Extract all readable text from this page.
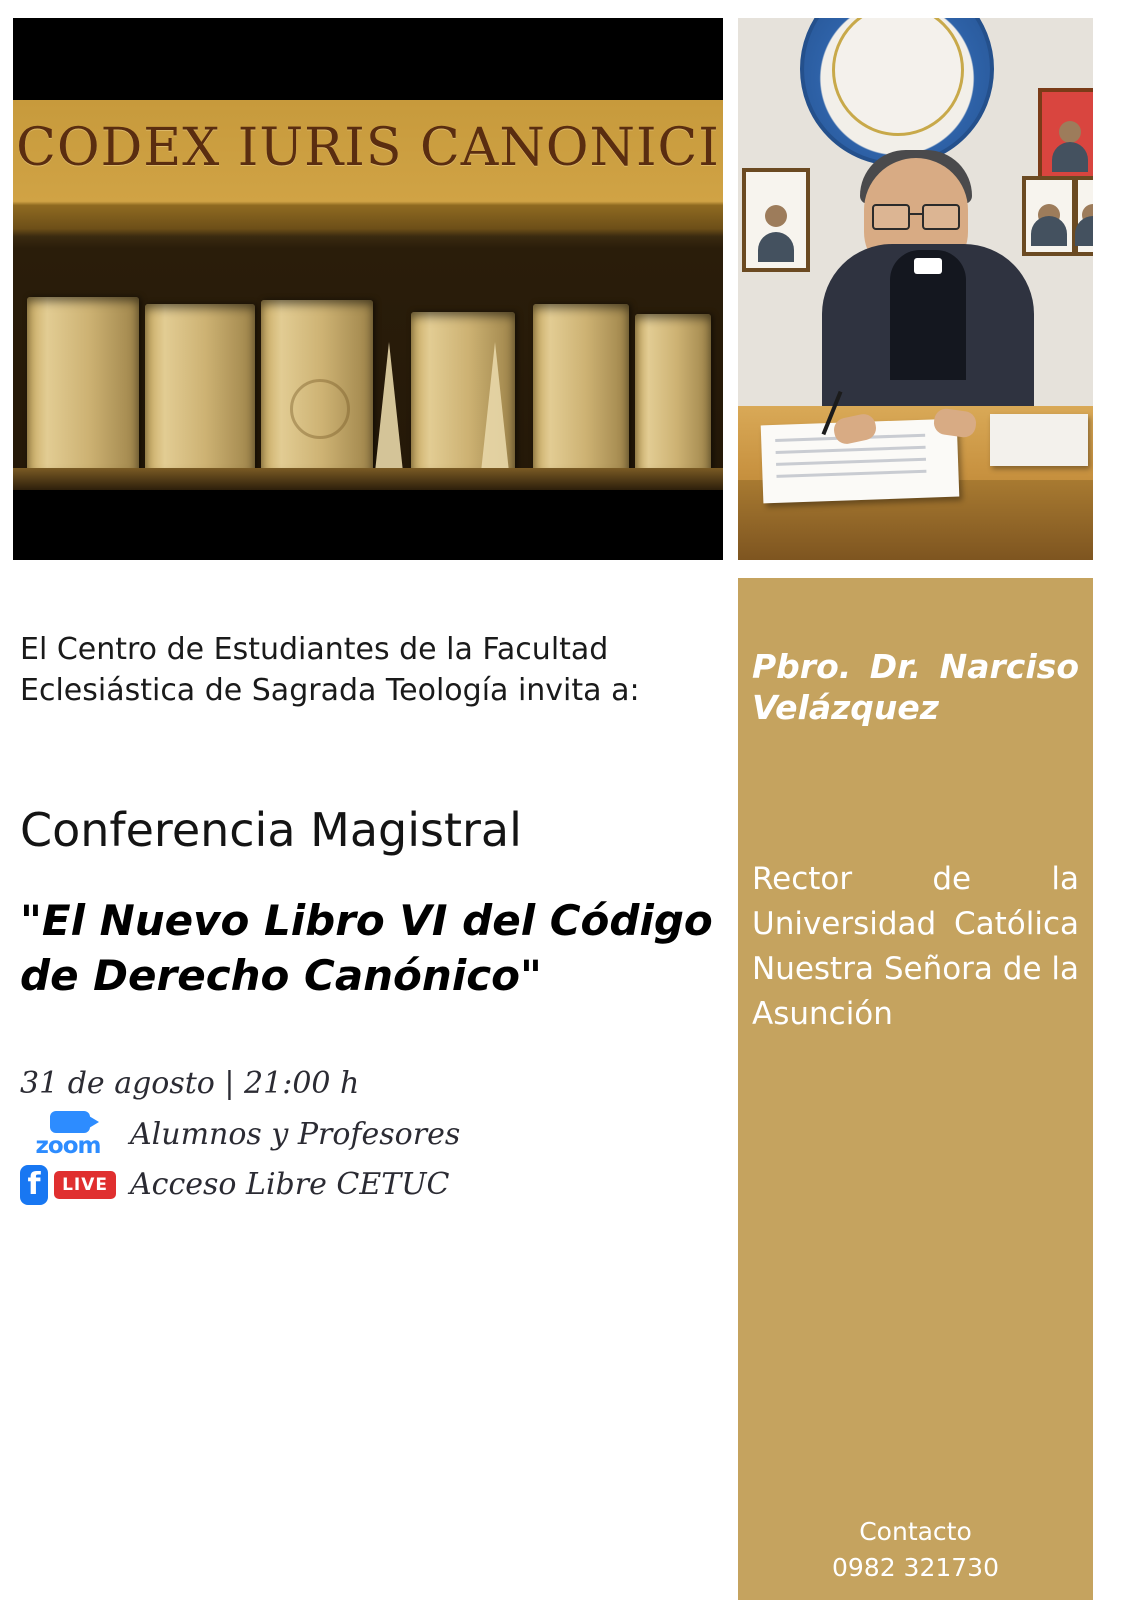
CODEX IURIS CANONICI
El Centro de Estudiantes de la Facultad Eclesiástica de Sagrada Teología invita a:
Conferencia Magistral
"El Nuevo Libro VI del Código de Derecho Canónico"
31 de agosto | 21:00 h
zoom Alumnos y Profesores
f	LIVE Acceso Libre CETUC
Pbro. Dr. Narciso Velázquez
Rector de la Universidad Católica Nuestra Señora de la Asunción
Contacto
0982 321730
